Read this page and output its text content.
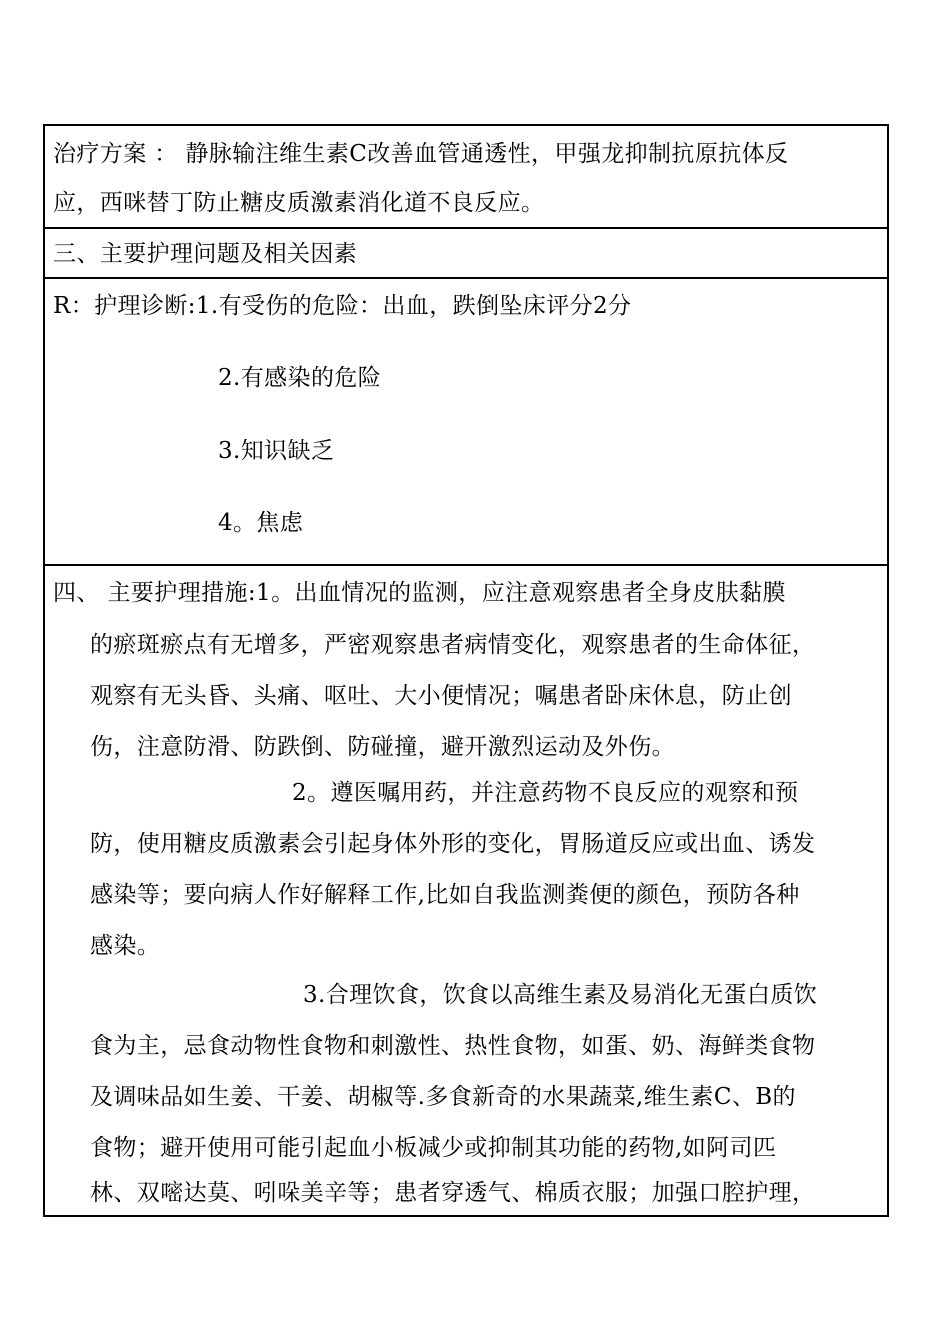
治疗方案 ： 静脉输注维生素C改善血管通透性，甲强龙抑制抗原抗体反
应，西咪替丁防止糖皮质激素消化道不良反应。
三、主要护理问题及相关因素
R：护理诊断:1.有受伤的危险：出血，跌倒坠床评分2分
2.有感染的危险
3.知识缺乏
4。焦虑
四、 主要护理措施:1。出血情况的监测，应注意观察患者全身皮肤黏膜
的瘀斑瘀点有无增多，严密观察患者病情变化，观察患者的生命体征，
观察有无头昏、头痛、呕吐、大小便情况；嘱患者卧床休息，防止创
伤，注意防滑、防跌倒、防碰撞，避开激烈运动及外伤。
2。遵医嘱用药，并注意药物不良反应的观察和预
防，使用糖皮质激素会引起身体外形的变化，胃肠道反应或出血、诱发
感染等；要向病人作好解释工作,比如自我监测粪便的颜色，预防各种
感染。
3.合理饮食，饮食以高维生素及易消化无蛋白质饮
食为主，忌食动物性食物和刺激性、热性食物，如蛋、奶、海鲜类食物
及调味品如生姜、干姜、胡椒等.多食新奇的水果蔬菜,维生素C、B的
食物；避开使用可能引起血小板减少或抑制其功能的药物,如阿司匹
林、双嘧达莫、吲哚美辛等；患者穿透气、棉质衣服；加强口腔护理，
